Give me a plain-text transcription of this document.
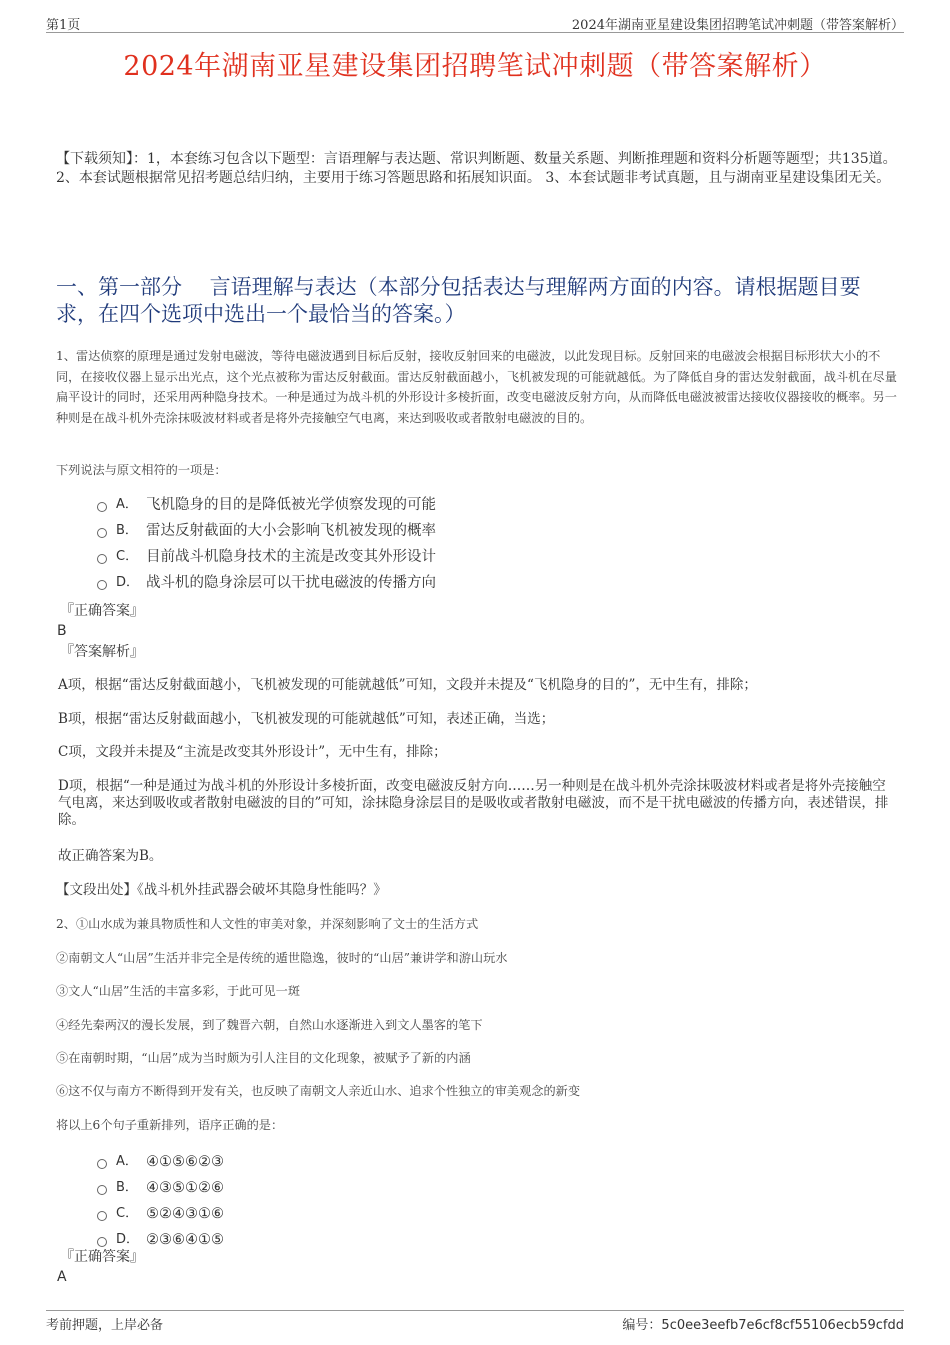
第1页	2024年湖南亚星建设集团招聘笔试冲刺题（带答案解析）
2024年湖南亚星建设集团招聘笔试冲刺题（带答案解析）
【下载须知】：1，本套练习包含以下题型：言语理解与表达题、常识判断题、数量关系题、判断推理题和资料分析题等题型；共135道。 2、本套试题根据常见招考题总结归纳，主要用于练习答题思路和拓展知识面。 3、本套试题非考试真题，且与湖南亚星建设集团无关。
一、第一部分　 言语理解与表达（本部分包括表达与理解两方面的内容。请根据题目要求，在四个选项中选出一个最恰当的答案。）
1、雷达侦察的原理是通过发射电磁波，等待电磁波遇到目标后反射，接收反射回来的电磁波，以此发现目标。反射回来的电磁波会根据目标形状大小的不同，在接收仪器上显示出光点，这个光点被称为雷达反射截面。雷达反射截面越小，飞机被发现的可能就越低。为了降低自身的雷达发射截面，战斗机在尽量扁平设计的同时，还采用两种隐身技术。一种是通过为战斗机的外形设计多棱折面，改变电磁波反射方向，从而降低电磁波被雷达接收仪器接收的概率。另一种则是在战斗机外壳涂抹吸波材料或者是将外壳接触空气电离，来达到吸收或者散射电磁波的目的。
下列说法与原文相符的一项是：
A． 飞机隐身的目的是降低被光学侦察发现的可能
B． 雷达反射截面的大小会影响飞机被发现的概率
C． 目前战斗机隐身技术的主流是改变其外形设计
D． 战斗机的隐身涂层可以干扰电磁波的传播方向
『正确答案』
B
『答案解析』
A项，根据“雷达反射截面越小，飞机被发现的可能就越低”可知，文段并未提及“飞机隐身的目的”，无中生有，排除；
B项，根据“雷达反射截面越小，飞机被发现的可能就越低”可知，表述正确，当选；
C项，文段并未提及“主流是改变其外形设计”，无中生有，排除；
D项，根据“一种是通过为战斗机的外形设计多棱折面，改变电磁波反射方向……另一种则是在战斗机外壳涂抹吸波材料或者是将外壳接触空气电离，来达到吸收或者散射电磁波的目的”可知，涂抹隐身涂层目的是吸收或者散射电磁波，而不是干扰电磁波的传播方向，表述错误，排除。
故正确答案为B。
【文段出处】《战斗机外挂武器会破坏其隐身性能吗？》
2、①山水成为兼具物质性和人文性的审美对象，并深刻影响了文士的生活方式
②南朝文人“山居”生活并非完全是传统的遁世隐逸，彼时的“山居”兼讲学和游山玩水
③文人“山居”生活的丰富多彩，于此可见一斑
④经先秦两汉的漫长发展，到了魏晋六朝，自然山水逐渐进入到文人墨客的笔下
⑤在南朝时期，“山居”成为当时颇为引人注目的文化现象，被赋予了新的内涵
⑥这不仅与南方不断得到开发有关，也反映了南朝文人亲近山水、追求个性独立的审美观念的新变
将以上6个句子重新排列，语序正确的是：
A． ④①⑤⑥②③
B． ④③⑤①②⑥
C． ⑤②④③①⑥
D． ②③⑥④①⑤
『正确答案』
A
考前押题，上岸必备	编号：5c0ee3eefb7e6cf8cf55106ecb59cfdd
